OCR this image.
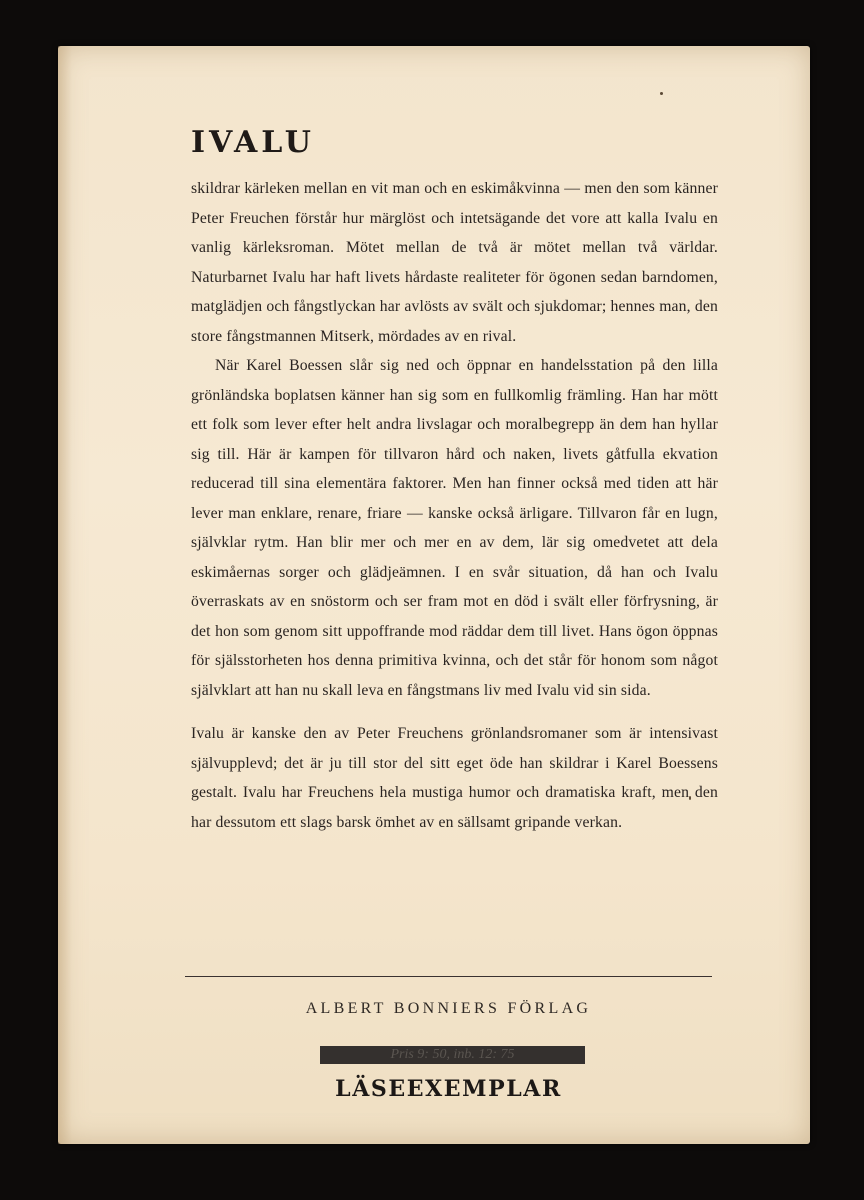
IVALU

skildrar kärleken mellan en vit man och en eskimåkvinna — men den som känner Peter Freuchen förstår hur märglöst och intetsägande det vore att kalla Ivalu en vanlig kärleksroman. Mötet mellan de två är mötet mellan två världar. Naturbarnet Ivalu har haft livets hårdaste realiteter för ögonen sedan barndomen, matglädjen och fångstlyckan har avlösts av svält och sjukdomar; hennes man, den store fångstmannen Mitserk, mördades av en rival.

När Karel Boessen slår sig ned och öppnar en handelsstation på den lilla grönländska boplatsen känner han sig som en fullkomlig främling. Han har mött ett folk som lever efter helt andra livslagar och moralbegrepp än dem han hyllar sig till. Här är kampen för tillvaron hård och naken, livets gåtfulla ekvation reducerad till sina elementära faktorer. Men han finner också med tiden att här lever man enklare, renare, friare — kanske också ärligare. Tillvaron får en lugn, självklar rytm. Han blir mer och mer en av dem, lär sig omedvetet att dela eskimåernas sorger och glädjeämnen. I en svår situation, då han och Ivalu överraskats av en snöstorm och ser fram mot en död i svält eller förfrysning, är det hon som genom sitt uppoffrande mod räddar dem till livet. Hans ögon öppnas för själsstorheten hos denna primitiva kvinna, och det står för honom som något självklart att han nu skall leva en fångstmans liv med Ivalu vid sin sida.

Ivalu är kanske den av Peter Freuchens grönlandsromaner som är intensivast självupplevd; det är ju till stor del sitt eget öde han skildrar i Karel Boessens gestalt. Ivalu har Freuchens hela mustiga humor och dramatiska kraft, men den har dessutom ett slags barsk ömhet av en sällsamt gripande verkan.

ALBERT BONNIERS FÖRLAG
Pris 9: 50, inb. 12: 75
LÄSEEXEMPLAR
